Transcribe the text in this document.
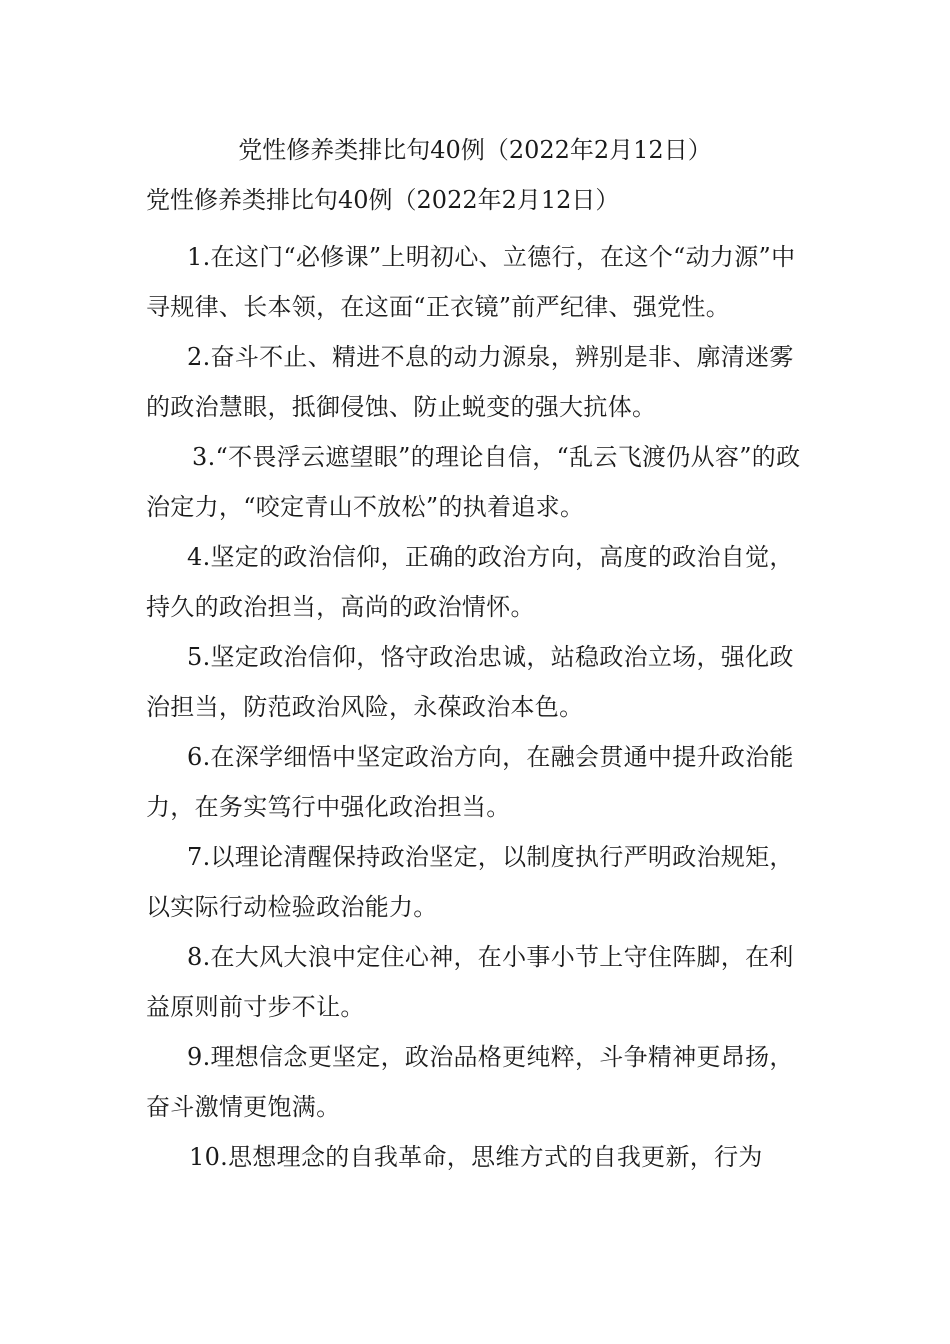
党性修养类排比句40例（2022年2月12日）

党性修养类排比句40例（2022年2月12日）

1.在这门“必修课”上明初心、立德行，在这个“动力源”中寻规律、长本领，在这面“正衣镜”前严纪律、强党性。

2.奋斗不止、精进不息的动力源泉，辨别是非、廓清迷雾的政治慧眼，抵御侵蚀、防止蜕变的强大抗体。

3.“不畏浮云遮望眼”的理论自信，“乱云飞渡仍从容”的政治定力，“咬定青山不放松”的执着追求。

4.坚定的政治信仰，正确的政治方向，高度的政治自觉，持久的政治担当，高尚的政治情怀。

5.坚定政治信仰，恪守政治忠诚，站稳政治立场，强化政治担当，防范政治风险，永葆政治本色。

6.在深学细悟中坚定政治方向，在融会贯通中提升政治能力，在务实笃行中强化政治担当。

7.以理论清醒保持政治坚定，以制度执行严明政治规矩，以实际行动检验政治能力。

8.在大风大浪中定住心神，在小事小节上守住阵脚，在利益原则前寸步不让。

9.理想信念更坚定，政治品格更纯粹，斗争精神更昂扬，奋斗激情更饱满。

10.思想理念的自我革命，思维方式的自我更新，行为
